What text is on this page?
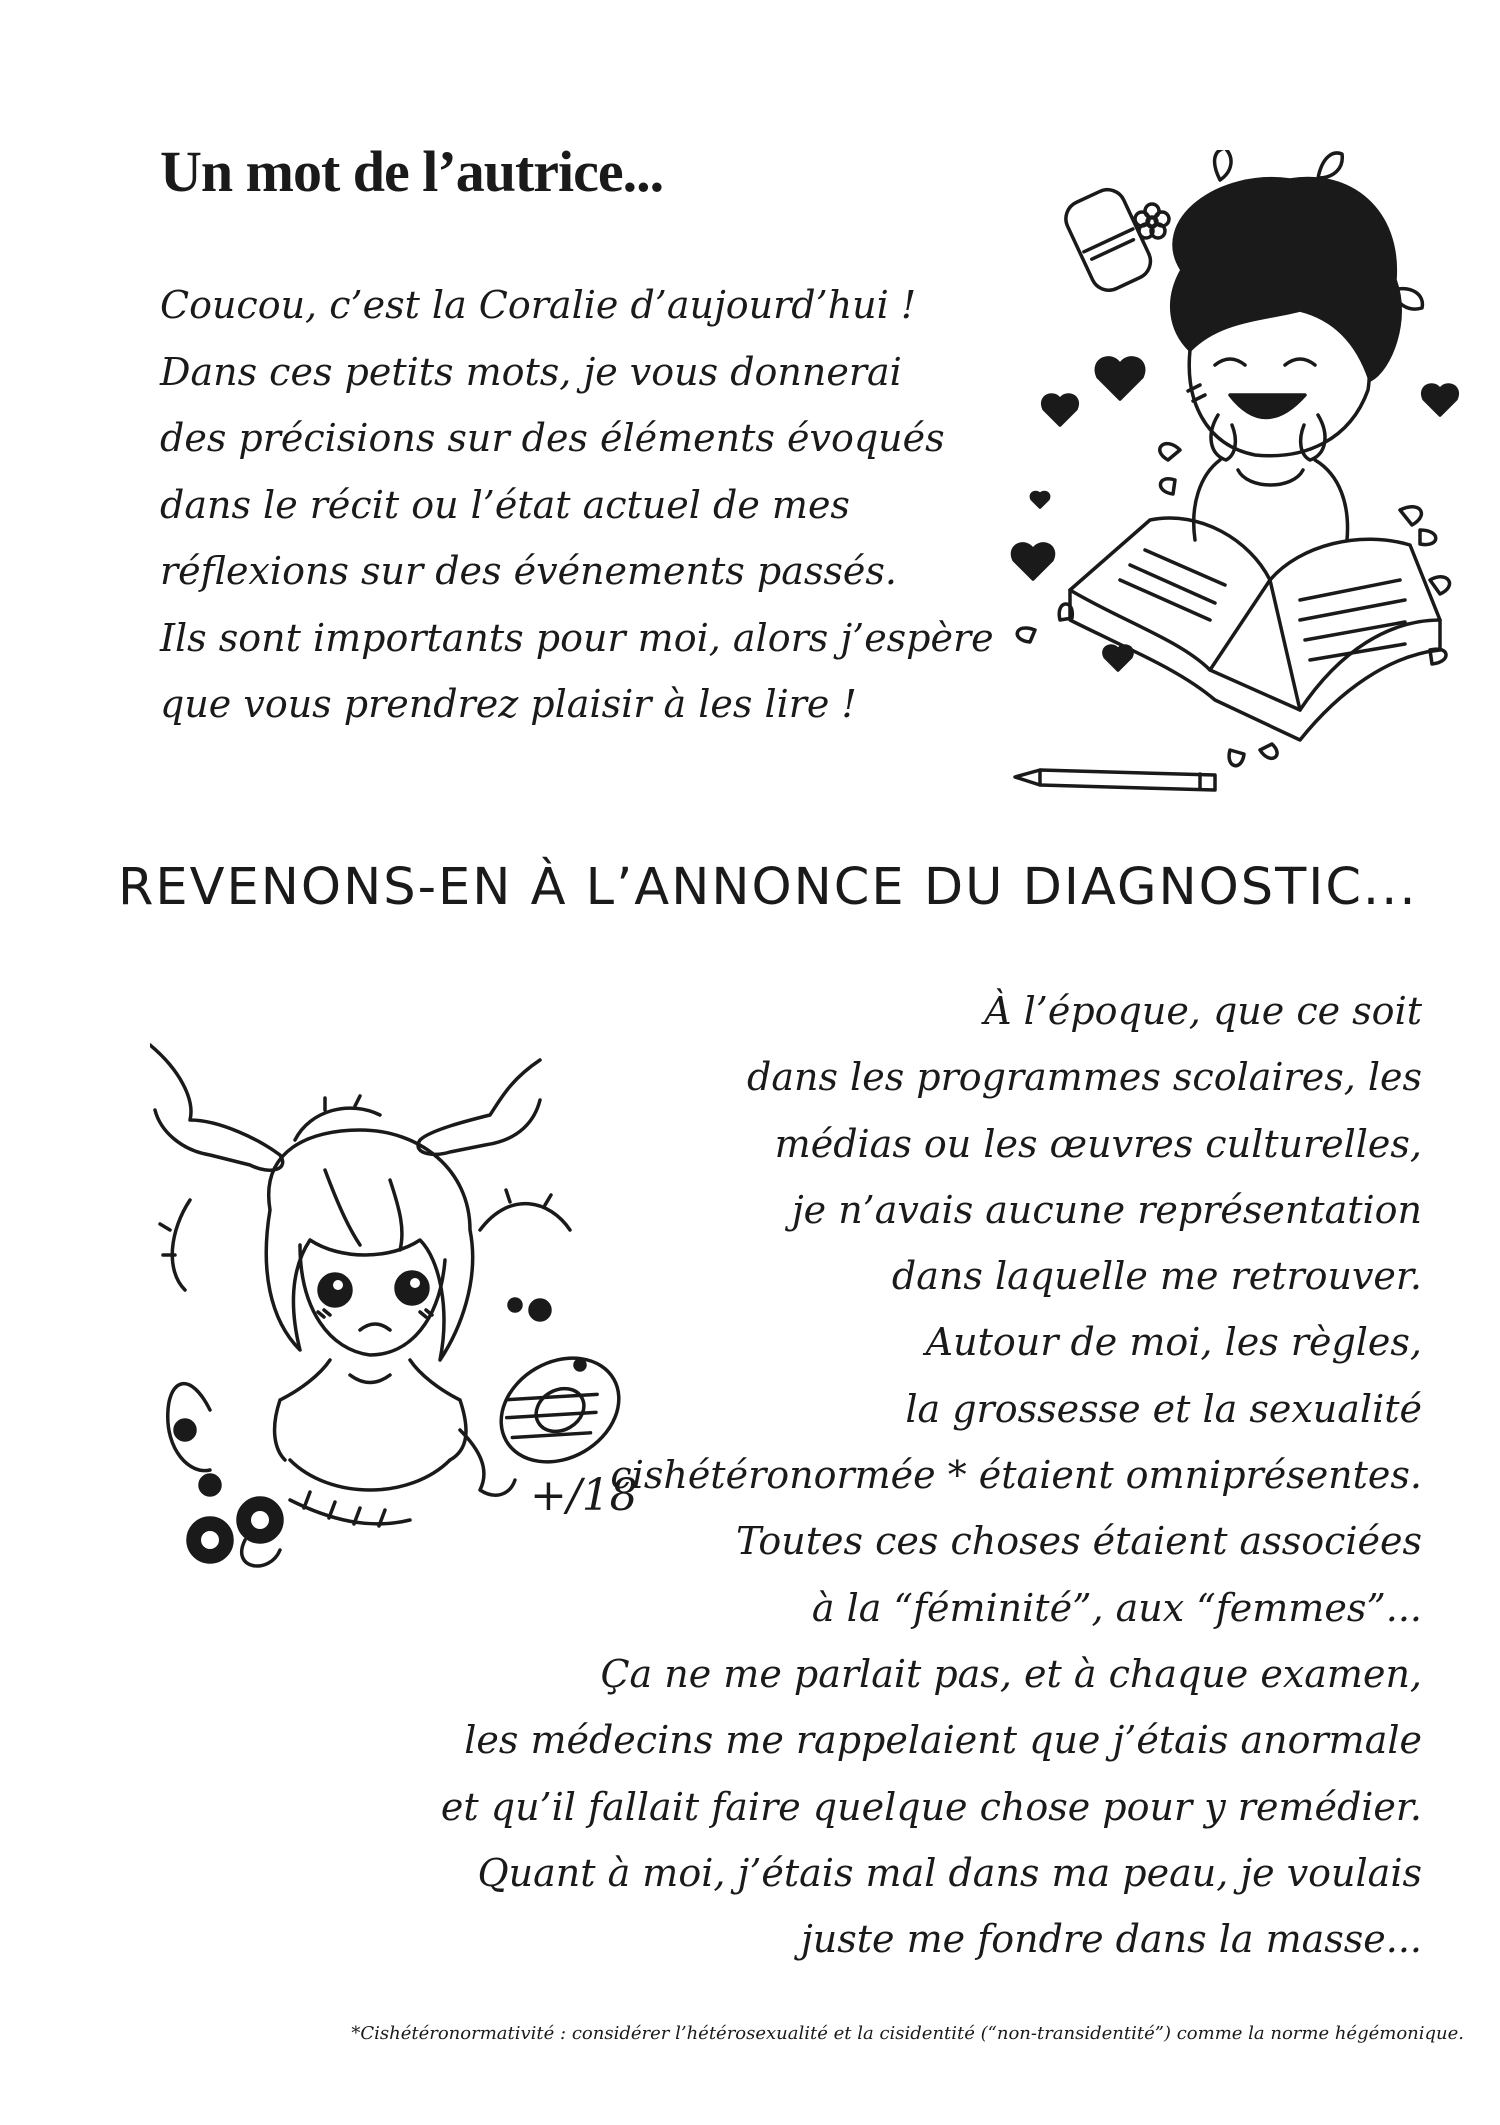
Un mot de l’autrice...
Coucou, c’est la Coralie d’aujourd’hui !
Dans ces petits mots, je vous donnerai
des précisions sur des éléments évoqués
dans le récit ou l’état actuel de mes
réflexions sur des événements passés.
Ils sont importants pour moi, alors j’espère
que vous prendrez plaisir à les lire !
REVENONS-EN À L’ANNONCE DU DIAGNOSTIC...
+/18
À l’époque, que ce soit
dans les programmes scolaires, les
médias ou les œuvres culturelles,
je n’avais aucune représentation
dans laquelle me retrouver.
Autour de moi, les règles,
la grossesse et la sexualité
cishétéronormée * étaient omniprésentes.
Toutes ces choses étaient associées
à la “féminité”, aux “femmes”...
Ça ne me parlait pas, et à chaque examen,
les médecins me rappelaient que j’étais anormale
et qu’il fallait faire quelque chose pour y remédier.
Quant à moi, j’étais mal dans ma peau, je voulais
juste me fondre dans la masse...
*Cishétéronormativité : considérer l’hétérosexualité et la cisidentité (“non-transidentité”) comme la norme hégémonique.
